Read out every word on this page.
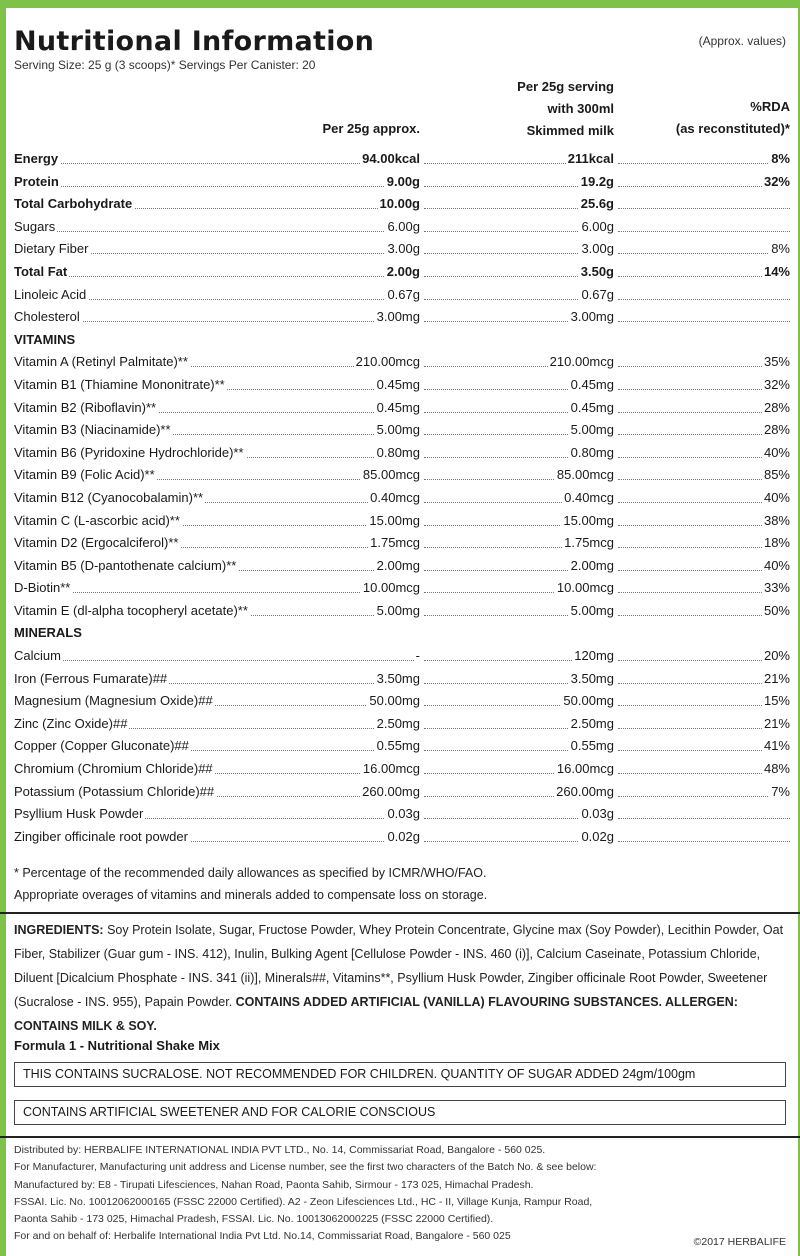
Nutritional Information	(Approx. values)
Serving Size: 25 g (3 scoops)* Servings Per Canister: 20
Per 25g approx.
Per 25g serving
with 300ml
Skimmed milk
%RDA
(as reconstituted)*
Energy	94.00kcal	211kcal	8%
Protein	9.00g	19.2g	32%
Total Carbohydrate	10.00g	25.6g
Sugars	6.00g	6.00g
Dietary Fiber	3.00g	3.00g	8%
Total Fat	2.00g	3.50g	14%
Linoleic Acid	0.67g	0.67g
Cholesterol	3.00mg	3.00mg
VITAMINS
Vitamin A (Retinyl Palmitate)**	210.00mcg	210.00mcg	35%
Vitamin B1 (Thiamine Mononitrate)**	0.45mg	0.45mg	32%
Vitamin B2 (Riboflavin)**	0.45mg	0.45mg	28%
Vitamin B3 (Niacinamide)**	5.00mg	5.00mg	28%
Vitamin B6 (Pyridoxine Hydrochloride)**	0.80mg	0.80mg	40%
Vitamin B9 (Folic Acid)**	85.00mcg	85.00mcg	85%
Vitamin B12 (Cyanocobalamin)**	0.40mcg	0.40mcg	40%
Vitamin C (L-ascorbic acid)**	15.00mg	15.00mg	38%
Vitamin D2 (Ergocalciferol)**	1.75mcg	1.75mcg	18%
Vitamin B5 (D-pantothenate calcium)**	2.00mg	2.00mg	40%
D-Biotin**	10.00mcg	10.00mcg	33%
Vitamin E (dl-alpha tocopheryl acetate)**	5.00mg	5.00mg	50%
MINERALS
Calcium	-	120mg	20%
Iron (Ferrous Fumarate)##	3.50mg	3.50mg	21%
Magnesium (Magnesium Oxide)##	50.00mg	50.00mg	15%
Zinc (Zinc Oxide)##	2.50mg	2.50mg	21%
Copper (Copper Gluconate)##	0.55mg	0.55mg	41%
Chromium (Chromium Chloride)##	16.00mcg	16.00mcg	48%
Potassium (Potassium Chloride)##	260.00mg	260.00mg	7%
Psyllium Husk Powder	0.03g	0.03g
Zingiber officinale root powder	0.02g	0.02g
* Percentage of the recommended daily allowances as specified by ICMR/WHO/FAO.
Appropriate overages of vitamins and minerals added to compensate loss on storage.
INGREDIENTS: Soy Protein Isolate, Sugar, Fructose Powder, Whey Protein Concentrate, Glycine max (Soy Powder), Lecithin Powder, Oat Fiber, Stabilizer (Guar gum - INS. 412), Inulin, Bulking Agent [Cellulose Powder - INS. 460 (i)], Calcium Caseinate, Potassium Chloride, Diluent [Dicalcium Phosphate - INS. 341 (ii)], Minerals##, Vitamins**, Psyllium Husk Powder, Zingiber officinale Root Powder, Sweetener (Sucralose - INS. 955), Papain Powder. CONTAINS ADDED ARTIFICIAL (VANILLA) FLAVOURING SUBSTANCES. ALLERGEN: CONTAINS MILK & SOY.
Formula 1 - Nutritional Shake Mix
THIS CONTAINS SUCRALOSE. NOT RECOMMENDED FOR CHILDREN. QUANTITY OF SUGAR ADDED 24gm/100gm
CONTAINS ARTIFICIAL SWEETENER AND FOR CALORIE CONSCIOUS
Distributed by: HERBALIFE INTERNATIONAL INDIA PVT LTD., No. 14, Commissariat Road, Bangalore - 560 025.
For Manufacturer, Manufacturing unit address and License number, see the first two characters of the Batch No. & see below:
Manufactured by: E8 - Tirupati Lifesciences, Nahan Road, Paonta Sahib, Sirmour - 173 025, Himachal Pradesh.
FSSAI. Lic. No. 10012062000165 (FSSC 22000 Certified). A2 - Zeon Lifesciences Ltd., HC - II, Village Kunja, Rampur Road,
Paonta Sahib - 173 025, Himachal Pradesh, FSSAI. Lic. No. 10013062000225 (FSSC 22000 Certified).
For and on behalf of: Herbalife International India Pvt Ltd. No.14, Commissariat Road, Bangalore - 560 025	©2017 HERBALIFE
